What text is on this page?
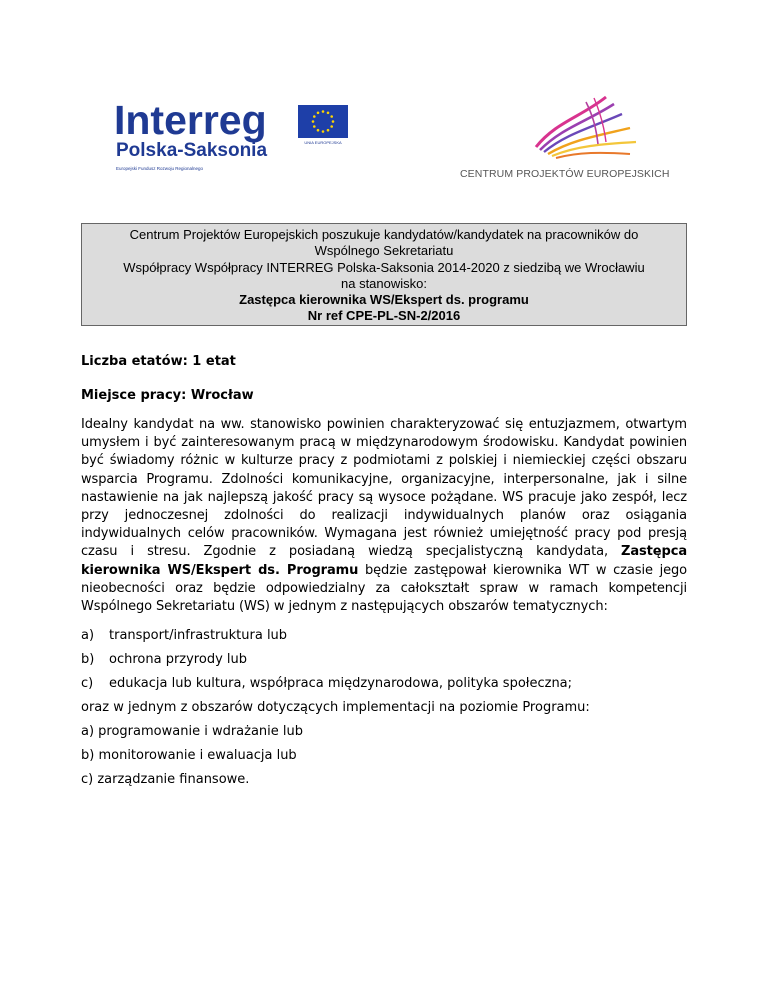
Interreg
Polska-Saksonia
Europejski Fundusz Rozwoju Regionalnego
UNIA EUROPEJSKA
CENTRUM PROJEKTÓW EUROPEJSKICH
Centrum Projektów Europejskich poszukuje kandydatów/kandydatek na pracowników do
Wspólnego Sekretariatu
Współpracy Współpracy INTERREG Polska-Saksonia 2014-2020 z siedzibą we Wrocławiu
na stanowisko:
Zastępca kierownika WS/Ekspert ds. programu
Nr ref CPE-PL-SN-2/2016

Liczba etatów: 1 etat

Miejsce pracy: Wrocław

Idealny kandydat na ww. stanowisko powinien charakteryzować się entuzjazmem, otwartym umysłem i być zainteresowanym pracą w międzynarodowym środowisku. Kandydat powinien być świadomy różnic w kulturze pracy z podmiotami z polskiej i niemieckiej części obszaru wsparcia Programu. Zdolności komunikacyjne, organizacyjne, interpersonalne, jak i silne nastawienie na jak najlepszą jakość pracy są wysoce pożądane. WS pracuje jako zespół, lecz przy jednoczesnej zdolności do realizacji indywidualnych planów oraz osiągania indywidualnych celów pracowników. Wymagana jest również umiejętność pracy pod presją czasu i stresu. Zgodnie z posiadaną wiedzą specjalistyczną kandydata, Zastępca kierownika WS/Ekspert ds. Programu będzie zastępował kierownika WT w czasie jego nieobecności oraz będzie odpowiedzialny za całokształt spraw w ramach kompetencji Wspólnego Sekretariatu (WS) w jednym z następujących obszarów tematycznych:

a)	transport/infrastruktura lub
b)	ochrona przyrody lub
c)	edukacja lub kultura, współpraca międzynarodowa, polityka społeczna;

oraz w jednym z obszarów dotyczących implementacji na poziomie Programu:

a) programowanie i wdrażanie lub
b) monitorowanie i ewaluacja lub
c) zarządzanie finansowe.
